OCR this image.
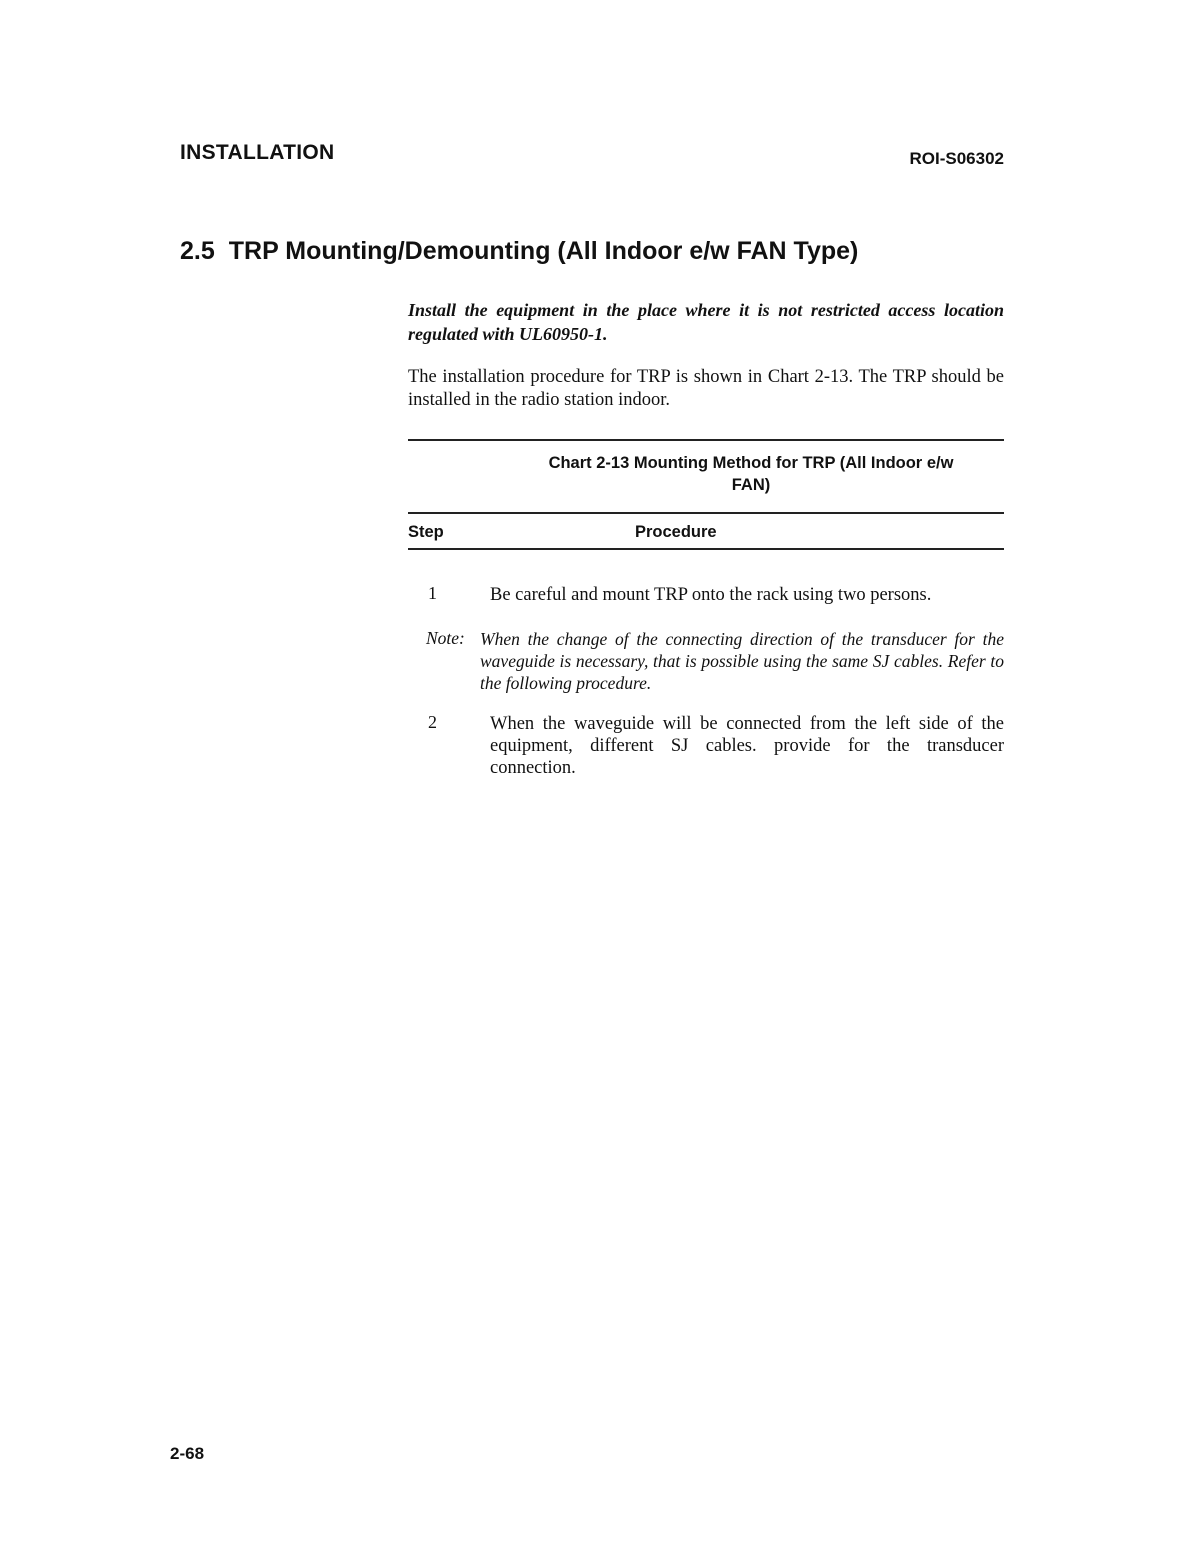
INSTALLATION	ROI-S06302
2.5 TRP Mounting/Demounting (All Indoor e/w FAN Type)
Install the equipment in the place where it is not restricted access location regulated with UL60950-1.
The installation procedure for TRP is shown in Chart 2-13. The TRP should be installed in the radio station indoor.
Chart 2-13 Mounting Method for TRP (All Indoor e/w
FAN)
Step	Procedure
1	Be careful and mount TRP onto the rack using two persons.
Note: When the change of the connecting direction of the transducer for the waveguide is necessary, that is possible using the same SJ cables. Refer to the following procedure.
2	When the waveguide will be connected from the left side of the equipment, different SJ cables. provide for the transducer connection.
2-68
